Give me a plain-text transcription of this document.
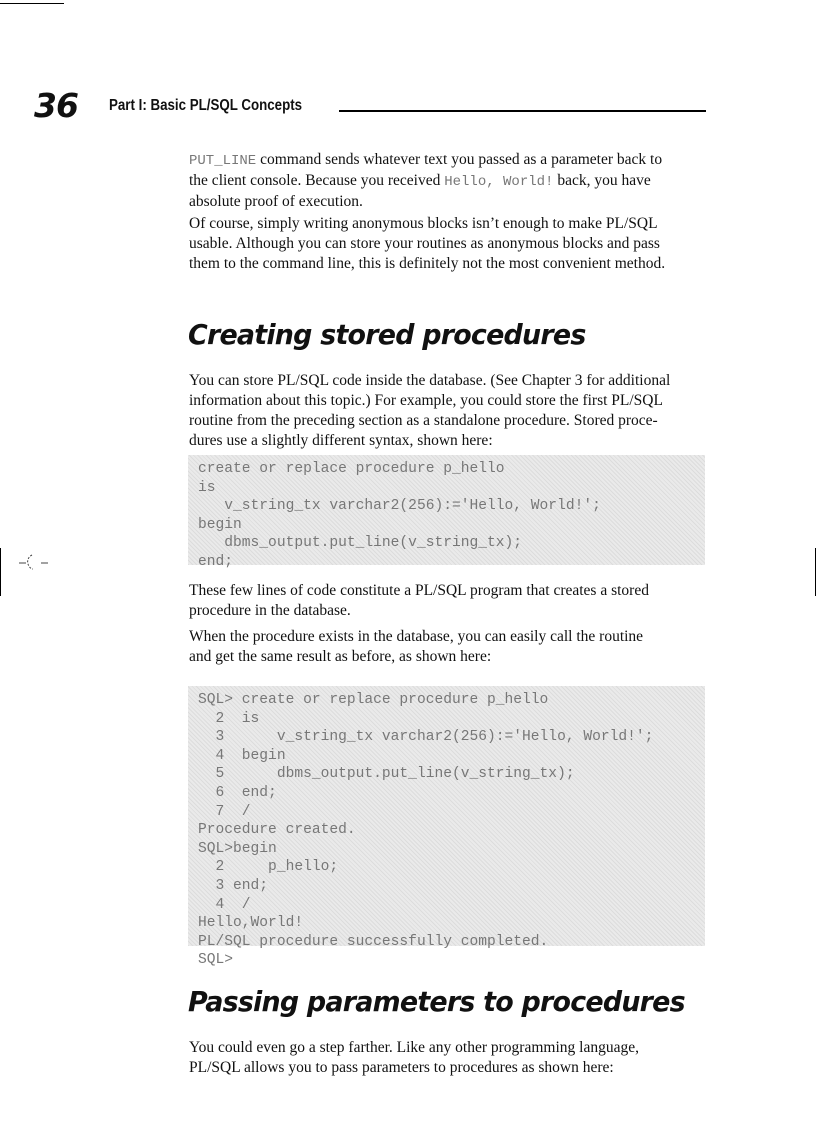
36 Part I: Basic PL/SQL Concepts

PUT_LINE command sends whatever text you passed as a parameter back to
the client console. Because you received Hello, World! back, you have
absolute proof of execution.

Of course, simply writing anonymous blocks isn’t enough to make PL/SQL
usable. Although you can store your routines as anonymous blocks and pass
them to the command line, this is definitely not the most convenient method.

Creating stored procedures

You can store PL/SQL code inside the database. (See Chapter 3 for additional
information about this topic.) For example, you could store the first PL/SQL
routine from the preceding section as a standalone procedure. Stored proce-
dures use a slightly different syntax, shown here:

create or replace procedure p_hello
is
v_string_tx varchar2(256):='Hello, World!';
begin
dbms_output.put_line(v_string_tx);
end;

These few lines of code constitute a PL/SQL program that creates a stored
procedure in the database.

When the procedure exists in the database, you can easily call the routine
and get the same result as before, as shown here:

SQL> create or replace procedure p_hello
2  is
3      v_string_tx varchar2(256):='Hello, World!';
4  begin
5      dbms_output.put_line(v_string_tx);
6  end;
7  /
Procedure created.
SQL>begin
2     p_hello;
3 end;
4  /
Hello,World!
PL/SQL procedure successfully completed.
SQL>
Passing parameters to procedures

You could even go a step farther. Like any other programming language,
PL/SQL allows you to pass parameters to procedures as shown here:
